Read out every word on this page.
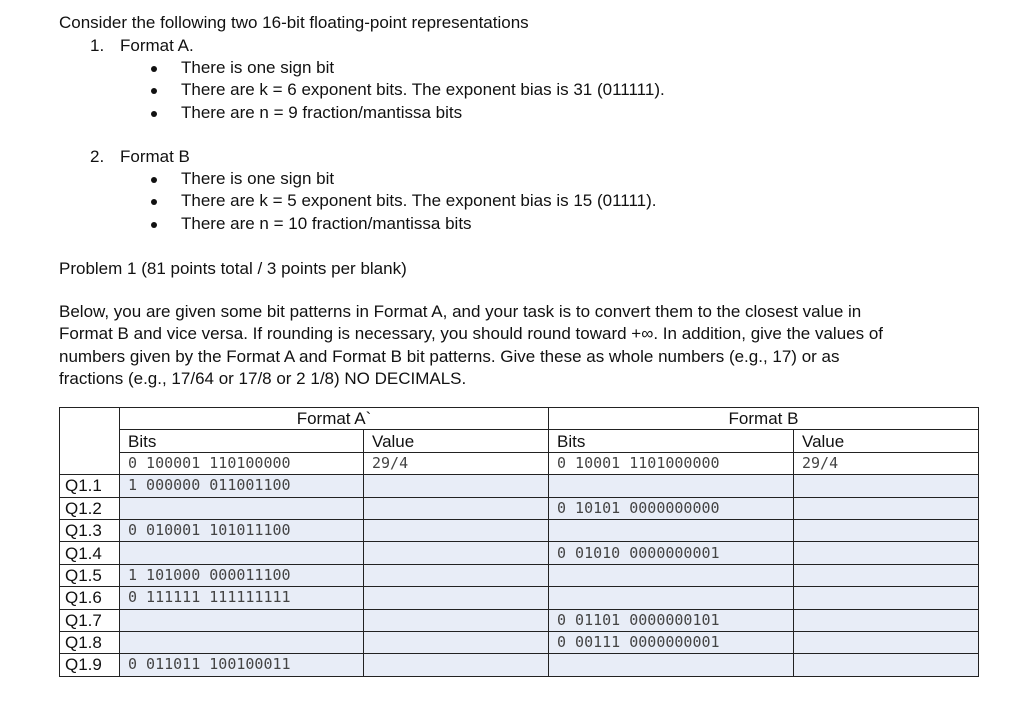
Consider the following two 16-bit floating-point representations
1. Format A.
There is one sign bit
There are k = 6 exponent bits. The exponent bias is 31 (011111).
There are n = 9 fraction/mantissa bits
2. Format B
There is one sign bit
There are k = 5 exponent bits. The exponent bias is 15 (01111).
There are n = 10 fraction/mantissa bits
Problem 1 (81 points total / 3 points per blank)

Below, you are given some bit patterns in Format A, and your task is to convert them to the closest value in
Format B and vice versa. If rounding is necessary, you should round toward +∞. In addition, give the values of
numbers given by the Format A and Format B bit patterns. Give these as whole numbers (e.g., 17) or as
fractions (e.g., 17/64 or 17/8 or 2 1/8) NO DECIMALS.

	Format A`		Format B	
	Bits	Value	Bits	Value
	0 100001 110100000	29/4	0 10001 1101000000	29/4
Q1.1	1 000000 011001100			
Q1.2			0 10101 0000000000	
Q1.3	0 010001 101011100			
Q1.4			0 01010 0000000001	
Q1.5	1 101000 000011100			
Q1.6	0 111111 111111111			
Q1.7			0 01101 0000000101	
Q1.8			0 00111 0000000001	
Q1.9	0 011011 100100011			
